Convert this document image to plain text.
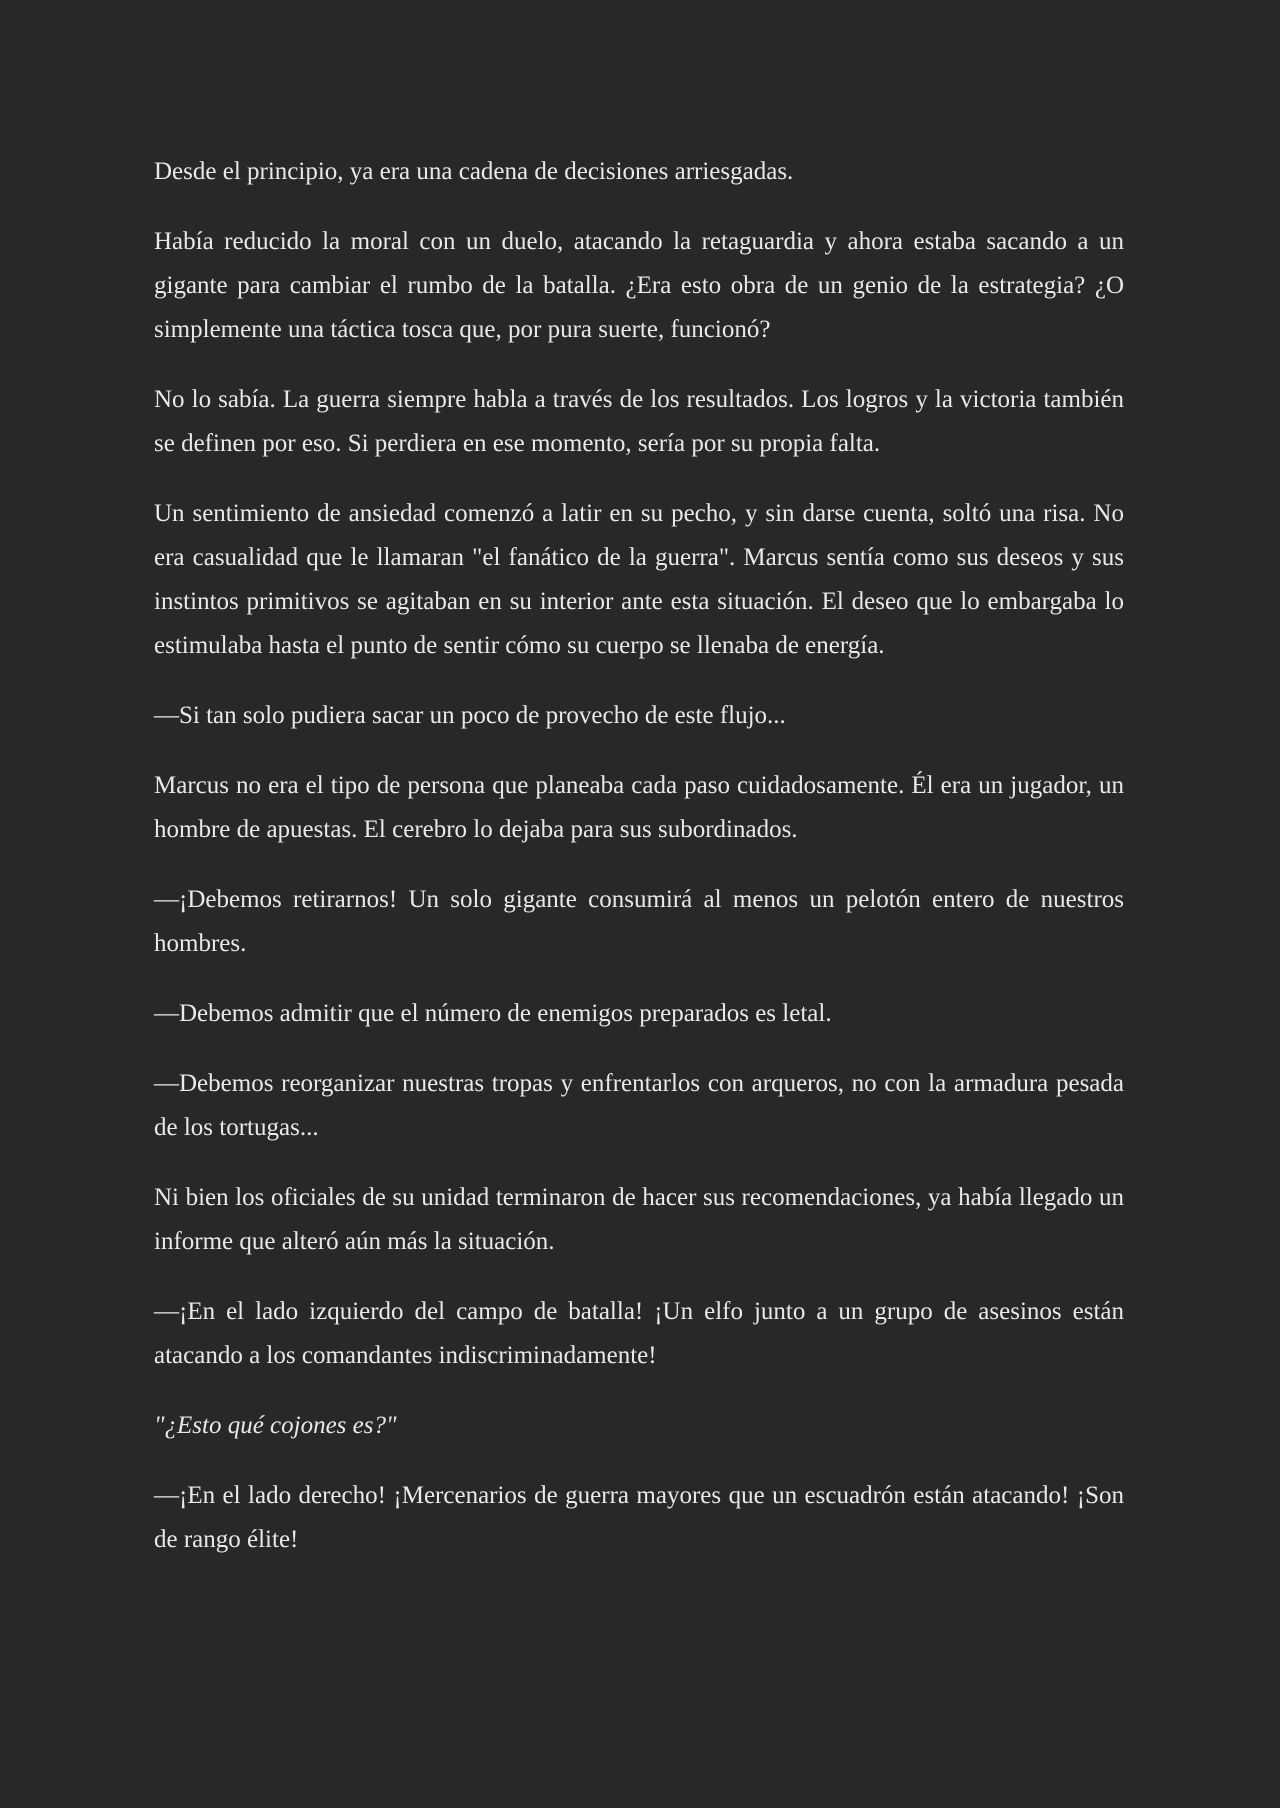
Desde el principio, ya era una cadena de decisiones arriesgadas.

Había reducido la moral con un duelo, atacando la retaguardia y ahora estaba sacando a un gigante para cambiar el rumbo de la batalla. ¿Era esto obra de un genio de la estrategia? ¿O simplemente una táctica tosca que, por pura suerte, funcionó?

No lo sabía. La guerra siempre habla a través de los resultados. Los logros y la victoria también se definen por eso. Si perdiera en ese momento, sería por su propia falta.

Un sentimiento de ansiedad comenzó a latir en su pecho, y sin darse cuenta, soltó una risa. No era casualidad que le llamaran "el fanático de la guerra". Marcus sentía como sus deseos y sus instintos primitivos se agitaban en su interior ante esta situación. El deseo que lo embargaba lo estimulaba hasta el punto de sentir cómo su cuerpo se llenaba de energía.

—Si tan solo pudiera sacar un poco de provecho de este flujo...

Marcus no era el tipo de persona que planeaba cada paso cuidadosamente. Él era un jugador, un hombre de apuestas. El cerebro lo dejaba para sus subordinados.

—¡Debemos retirarnos! Un solo gigante consumirá al menos un pelotón entero de nuestros hombres.

—Debemos admitir que el número de enemigos preparados es letal.

—Debemos reorganizar nuestras tropas y enfrentarlos con arqueros, no con la armadura pesada de los tortugas...

Ni bien los oficiales de su unidad terminaron de hacer sus recomendaciones, ya había llegado un informe que alteró aún más la situación.

—¡En el lado izquierdo del campo de batalla! ¡Un elfo junto a un grupo de asesinos están atacando a los comandantes indiscriminadamente!

"¿Esto qué cojones es?"

—¡En el lado derecho! ¡Mercenarios de guerra mayores que un escuadrón están atacando! ¡Son de rango élite!
